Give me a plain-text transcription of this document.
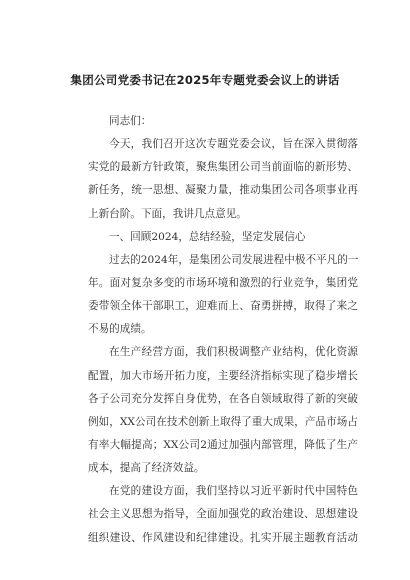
集团公司党委书记在2025年专题党委会议上的讲话
同志们：
今天，我们召开这次专题党委会议，旨在深入贯彻落
实党的最新方针政策，聚焦集团公司当前面临的新形势、
新任务，统一思想、凝聚力量，推动集团公司各项事业再
上新台阶。下面，我讲几点意见。
一、回顾2024，总结经验，坚定发展信心
过去的2024年，是集团公司发展进程中极不平凡的一
年。面对复杂多变的市场环境和激烈的行业竞争，集团党
委带领全体干部职工，迎难而上、奋勇拼搏，取得了来之
不易的成绩。
在生产经营方面，我们积极调整产业结构，优化资源
配置，加大市场开拓力度，主要经济指标实现了稳步增长
各子公司充分发挥自身优势，在各自领域取得了新的突破
例如，XX公司在技术创新上取得了重大成果，产品市场占
有率大幅提高；XX公司2通过加强内部管理，降低了生产
成本，提高了经济效益。
在党的建设方面，我们坚持以习近平新时代中国特色
社会主义思想为指导，全面加强党的政治建设、思想建设
组织建设、作风建设和纪律建设。扎实开展主题教育活动
